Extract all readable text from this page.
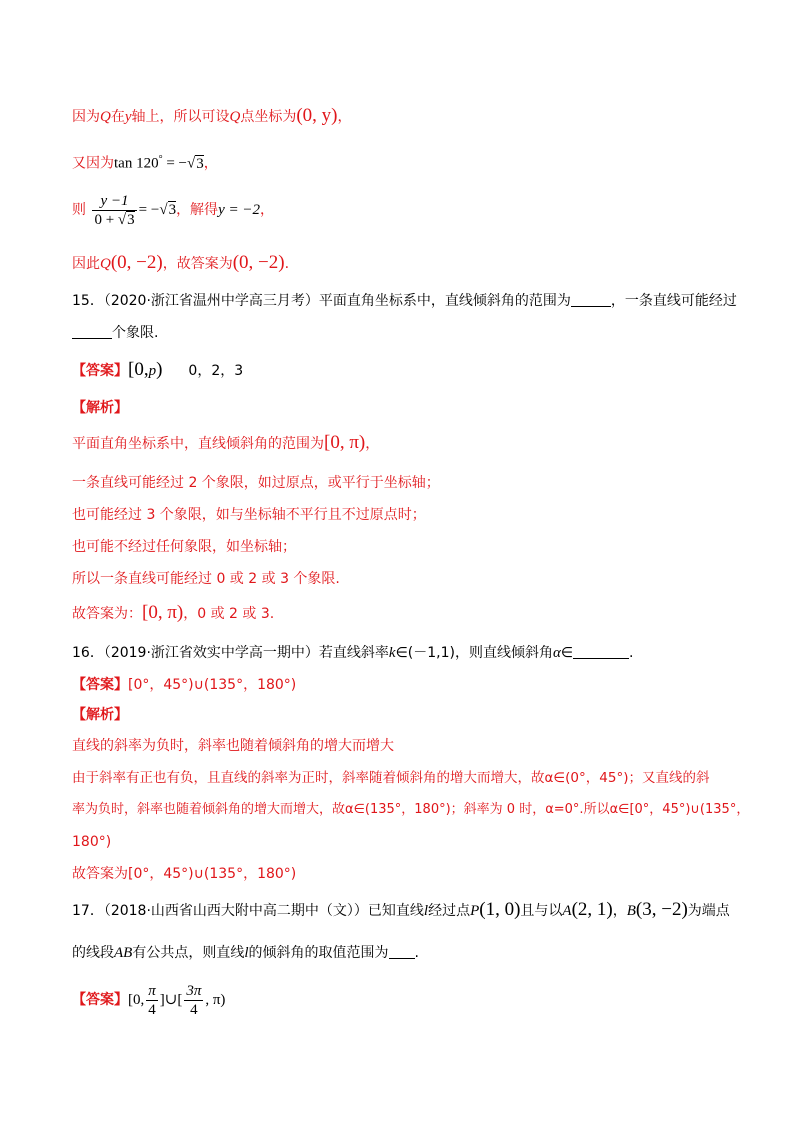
因为Q在y轴上，所以可设Q点坐标为(0, y)，
又因为tan 120° = −√3，
则 $\frac{y -1}{0 + √3} = -√3$，解得y = −2，
因此Q(0, −2)，故答案为(0, −2).
15．（2020·浙江省温州中学高三月考）平面直角坐标系中，直线倾斜角的范围为	，一条直线可能经过
个象限.
【答案】[0,p) 0，2，3
【解析】
平面直角坐标系中，直线倾斜角的范围为[0, π)，
一条直线可能经过 2 个象限，如过原点，或平行于坐标轴；
也可能经过 3 个象限，如与坐标轴不平行且不过原点时；
也可能不经过任何象限，如坐标轴；
所以一条直线可能经过 0 或 2 或 3 个象限.
故答案为：[0, π)，0 或 2 或 3.
16．（2019·浙江省效实中学高一期中）若直线斜率k∈(－1,1)，则直线倾斜角α∈	.
【答案】[0°，45°)∪(135°，180°)
【解析】
直线的斜率为负时，斜率也随着倾斜角的增大而增大
由于斜率有正也有负，且直线的斜率为正时，斜率随着倾斜角的增大而增大，故α∈(0°，45°)；又直线的斜
率为负时，斜率也随着倾斜角的增大而增大，故α∈(135°，180°)；斜率为 0 时，α=0°.所以α∈[0°，45°)∪(135°，
180°)
故答案为[0°，45°)∪(135°，180°)
17．（2018·山西省山西大附中高二期中（文））已知直线l经过点P(1, 0)且与以A(2, 1)，B(3, −2)为端点
的线段AB有公共点，则直线l的倾斜角的取值范围为 .
【答案】[0, $\frac{\pi}{4}$ ]∪[ $\frac{3\pi}{4}$ , π)
